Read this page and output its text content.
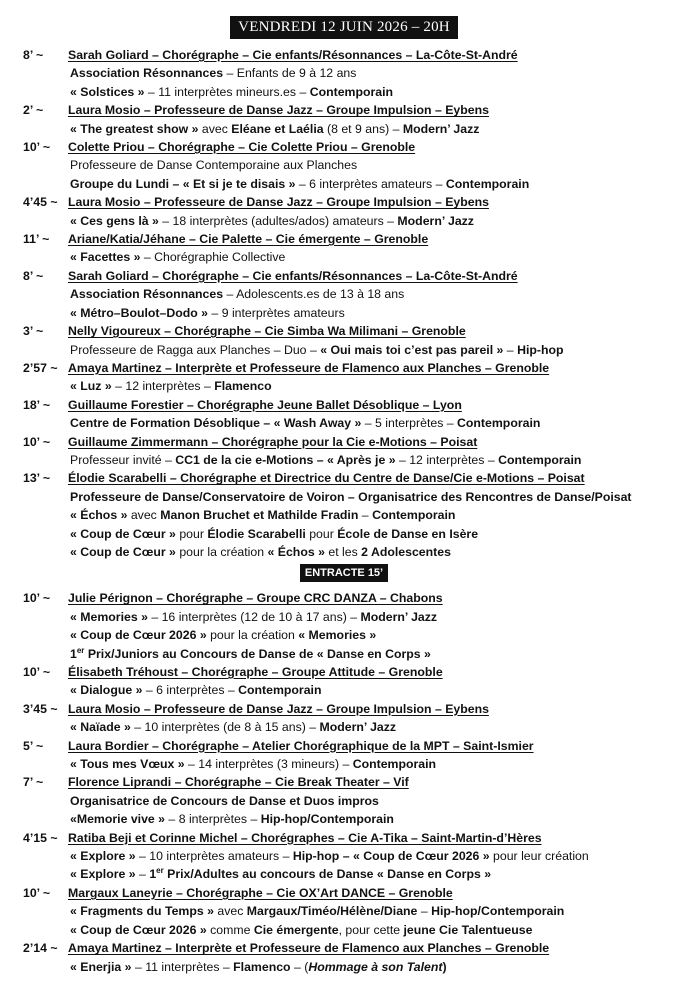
VENDREDI 12 JUIN 2026 – 20H
8’ ~	Sarah Goliard – Chorégraphe – Cie enfants/Résonnances – La-Côte-St-André
Association Résonnances – Enfants de 9 à 12 ans
« Solstices » – 11 interprètes mineurs.es – Contemporain
2’ ~	Laura Mosio – Professeure de Danse Jazz – Groupe Impulsion – Eybens
« The greatest show » avec Eléane et Laélia (8 et 9 ans) – Modern’ Jazz
10’ ~	Colette Priou – Chorégraphe – Cie Colette Priou – Grenoble
Professeure de Danse Contemporaine aux Planches
Groupe du Lundi – « Et si je te disais » – 6 interprètes amateurs – Contemporain
4’45 ~ Laura Mosio – Professeure de Danse Jazz – Groupe Impulsion – Eybens
« Ces gens là » – 18 interprètes (adultes/ados) amateurs – Modern’ Jazz
11’ ~	Ariane/Katia/Jéhane – Cie Palette – Cie émergente – Grenoble
« Facettes » – Chorégraphie Collective
8’ ~	Sarah Goliard – Chorégraphe – Cie enfants/Résonnances – La-Côte-St-André
Association Résonnances – Adolescents.es de 13 à 18 ans
« Métro–Boulot–Dodo » – 9 interprètes amateurs
3’ ~	Nelly Vigoureux – Chorégraphe – Cie Simba Wa Milimani – Grenoble
Professeure de Ragga aux Planches – Duo – « Oui mais toi c’est pas pareil » – Hip-hop
2’57 ~ Amaya Martinez – Interprète et Professeure de Flamenco aux Planches – Grenoble
« Luz » – 12 interprètes – Flamenco
18’ ~	Guillaume Forestier – Chorégraphe Jeune Ballet Désoblique – Lyon
Centre de Formation Désoblique – « Wash Away » – 5 interprètes – Contemporain
10’ ~	Guillaume Zimmermann – Chorégraphe pour la Cie e-Motions – Poisat
Professeur invité – CC1 de la cie e-Motions – « Après je » – 12 interprètes – Contemporain
13’ ~	Élodie Scarabelli – Chorégraphe et Directrice du Centre de Danse/Cie e-Motions – Poisat
Professeure de Danse/Conservatoire de Voiron – Organisatrice des Rencontres de Danse/Poisat
« Échos » avec Manon Bruchet et Mathilde Fradin – Contemporain
« Coup de Cœur » pour Élodie Scarabelli pour École de Danse en Isère
« Coup de Cœur » pour la création « Échos » et les 2 Adolescentes
ENTRACTE 15’
10’ ~	Julie Pérignon – Chorégraphe – Groupe CRC DANZA – Chabons
« Memories » – 16 interprètes (12 de 10 à 17 ans) – Modern’ Jazz
« Coup de Cœur 2026 » pour la création « Memories »
1er Prix/Juniors au Concours de Danse de « Danse en Corps »
10’ ~	Élisabeth Tréhoust – Chorégraphe – Groupe Attitude – Grenoble
« Dialogue » – 6 interprètes – Contemporain
3’45 ~ Laura Mosio – Professeure de Danse Jazz – Groupe Impulsion – Eybens
« Naïade » – 10 interprètes (de 8 à 15 ans) – Modern’ Jazz
5’ ~	Laura Bordier – Chorégraphe – Atelier Chorégraphique de la MPT – Saint-Ismier
« Tous mes Vœux » – 14 interprètes (3 mineurs) – Contemporain
7’ ~	Florence Liprandi – Chorégraphe – Cie Break Theater – Vif
Organisatrice de Concours de Danse et Duos impros
«Memorie vive » – 8 interprètes – Hip-hop/Contemporain
4’15 ~ Ratiba Beji et Corinne Michel – Chorégraphes – Cie A-Tika – Saint-Martin-d’Hères
« Explore » – 10 interprètes amateurs – Hip-hop – « Coup de Cœur 2026 » pour leur création
« Explore » – 1er Prix/Adultes au concours de Danse « Danse en Corps »
10’ ~	Margaux Laneyrie – Chorégraphe – Cie OX’Art DANCE – Grenoble
« Fragments du Temps » avec Margaux/Timéo/Hélène/Diane – Hip-hop/Contemporain
« Coup de Cœur 2026 » comme Cie émergente, pour cette jeune Cie Talentueuse
2’14 ~ Amaya Martinez – Interprète et Professeure de Flamenco aux Planches – Grenoble
« Enerjia » – 11 interprètes – Flamenco – (Hommage à son Talent)
